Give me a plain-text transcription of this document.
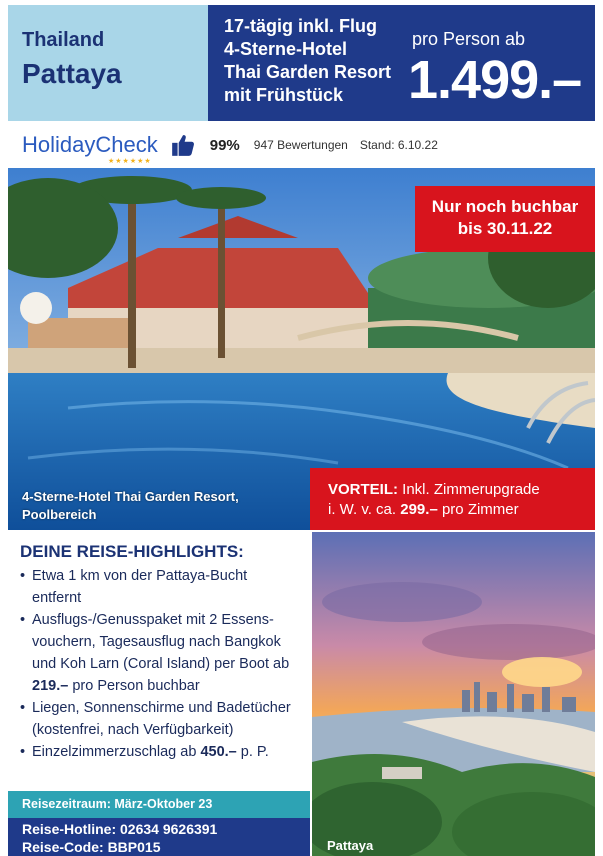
Thailand
Pattaya
17-tägig inkl. Flug
4-Sterne-Hotel
Thai Garden Resort
mit Frühstück
pro Person ab
1.499.–
HolidayCheck
★★★★★★
99% 947 Bewertungen Stand: 6.10.22
Nur noch buchbar bis 30.11.22
4-Sterne-Hotel Thai Garden Resort,
Poolbereich
VORTEIL: Inkl. Zimmerupgrade
i. W. v. ca. 299.– pro Zimmer
DEINE REISE-HIGHLIGHTS:
• Etwa 1 km von der Pattaya-Bucht entfernt
• Ausflugs-/Genusspaket mit 2 Essensvouchern, Tagesausflug nach Bangkok und Koh Larn (Coral Island) per Boot ab 219.– pro Person buchbar
• Liegen, Sonnenschirme und Badetücher (kostenfrei, nach Verfügbarkeit)
• Einzelzimmerzuschlag ab 450.– p. P.
Pattaya
Reisezeitraum: März-Oktober 23
Reise-Hotline: 02634 9626391
Reise-Code: BBP015
